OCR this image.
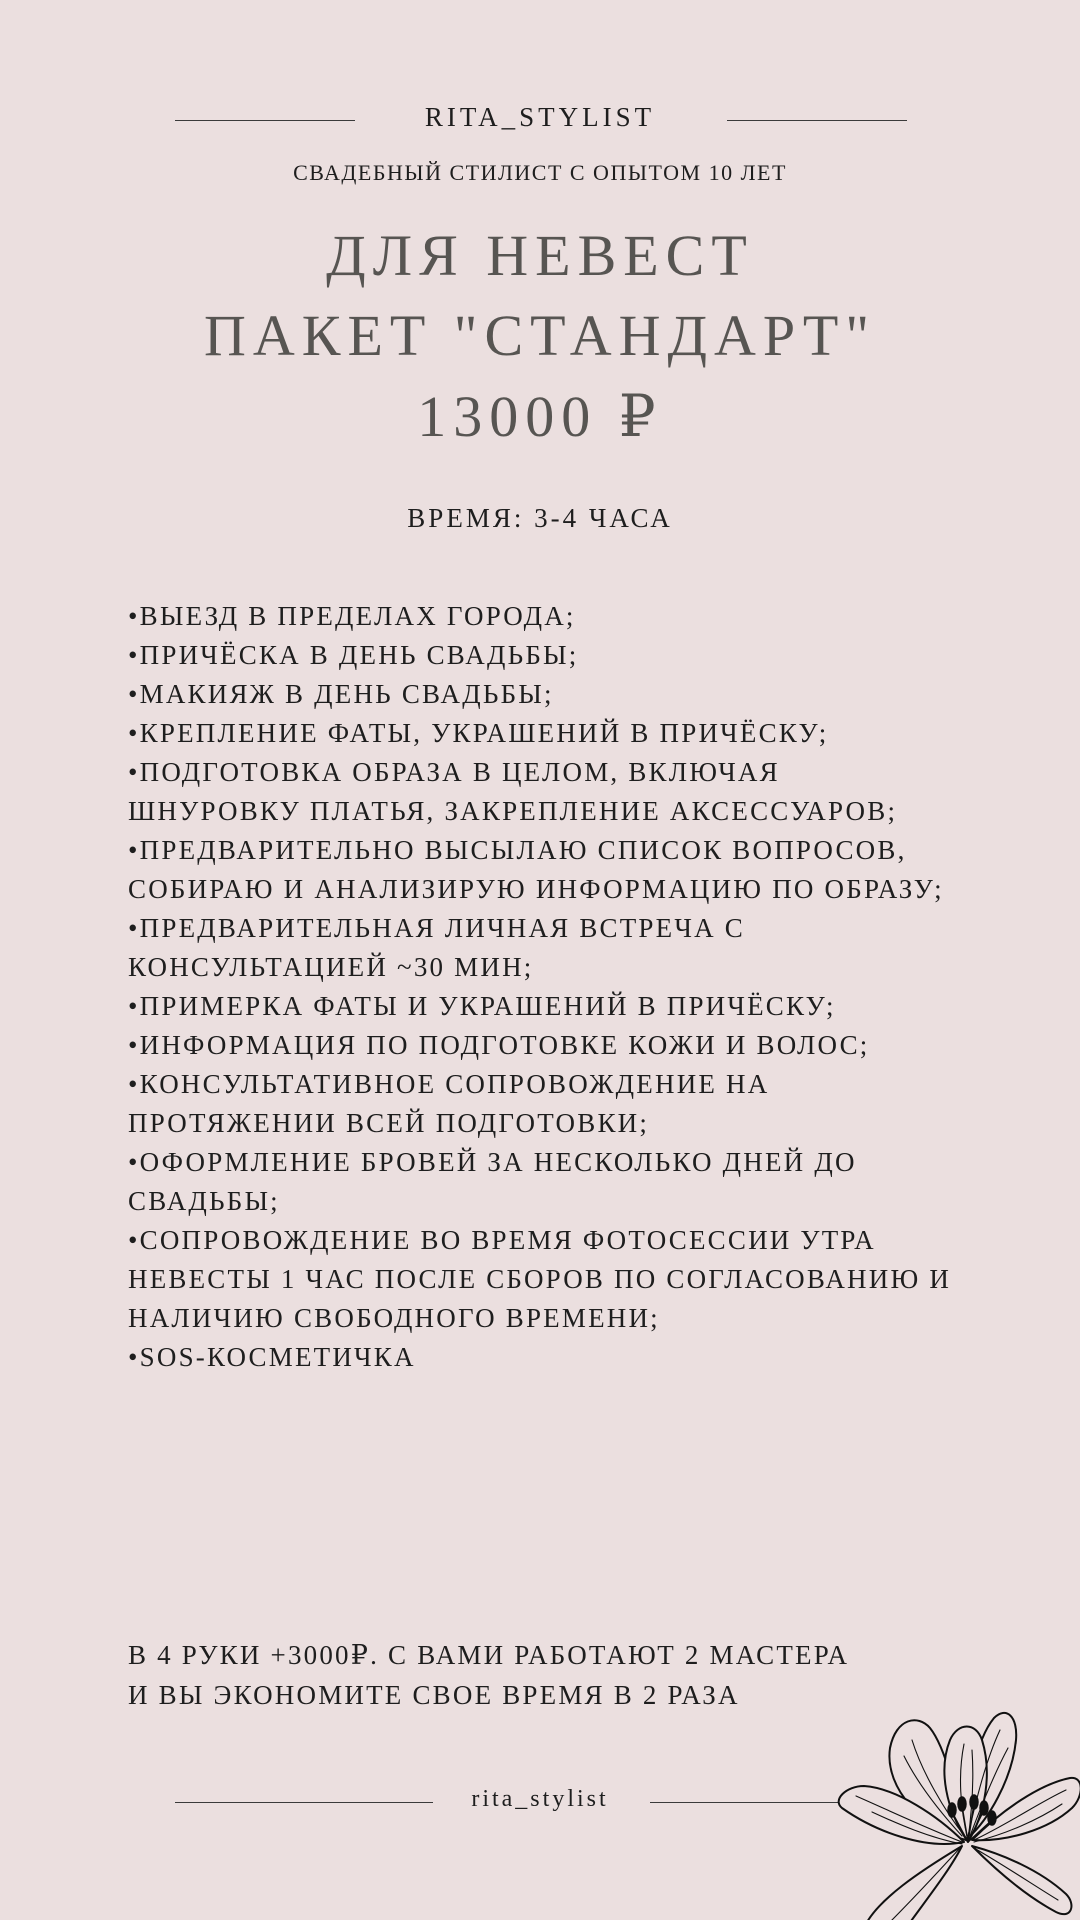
RITA_STYLIST
СВАДЕБНЫЙ СТИЛИСТ С ОПЫТОМ 10 ЛЕТ
ДЛЯ НЕВЕСТ
ПАКЕТ "СТАНДАРТ"
13000 ₽
ВРЕМЯ: 3-4 ЧАСА
•ВЫЕЗД В ПРЕДЕЛАХ ГОРОДА;
•ПРИЧЁСКА В ДЕНЬ СВАДЬБЫ;
•МАКИЯЖ В ДЕНЬ СВАДЬБЫ;
•КРЕПЛЕНИЕ ФАТЫ, УКРАШЕНИЙ В ПРИЧЁСКУ;
•ПОДГОТОВКА ОБРАЗА В ЦЕЛОМ, ВКЛЮЧАЯ ШНУРОВКУ ПЛАТЬЯ, ЗАКРЕПЛЕНИЕ АКСЕССУАРОВ;
•ПРЕДВАРИТЕЛЬНО ВЫСЫЛАЮ СПИСОК ВОПРОСОВ, СОБИРАЮ И АНАЛИЗИРУЮ ИНФОРМАЦИЮ ПО ОБРАЗУ;
•ПРЕДВАРИТЕЛЬНАЯ ЛИЧНАЯ ВСТРЕЧА С КОНСУЛЬТАЦИЕЙ ~30 МИН;
•ПРИМЕРКА ФАТЫ И УКРАШЕНИЙ В ПРИЧЁСКУ;
•ИНФОРМАЦИЯ ПО ПОДГОТОВКЕ КОЖИ И ВОЛОС;
•КОНСУЛЬТАТИВНОЕ СОПРОВОЖДЕНИЕ НА ПРОТЯЖЕНИИ ВСЕЙ ПОДГОТОВКИ;
•ОФОРМЛЕНИЕ БРОВЕЙ ЗА НЕСКОЛЬКО ДНЕЙ ДО СВАДЬБЫ;
•СОПРОВОЖДЕНИЕ ВО ВРЕМЯ ФОТОСЕССИИ УТРА НЕВЕСТЫ 1 ЧАС ПОСЛЕ СБОРОВ ПО СОГЛАСОВАНИЮ И НАЛИЧИЮ СВОБОДНОГО ВРЕМЕНИ;
•SOS-КОСМЕТИЧКА
В 4 РУКИ +3000₽. С ВАМИ РАБОТАЮТ 2 МАСТЕРА
И ВЫ ЭКОНОМИТЕ СВОЕ ВРЕМЯ В 2 РАЗА
rita_stylist
